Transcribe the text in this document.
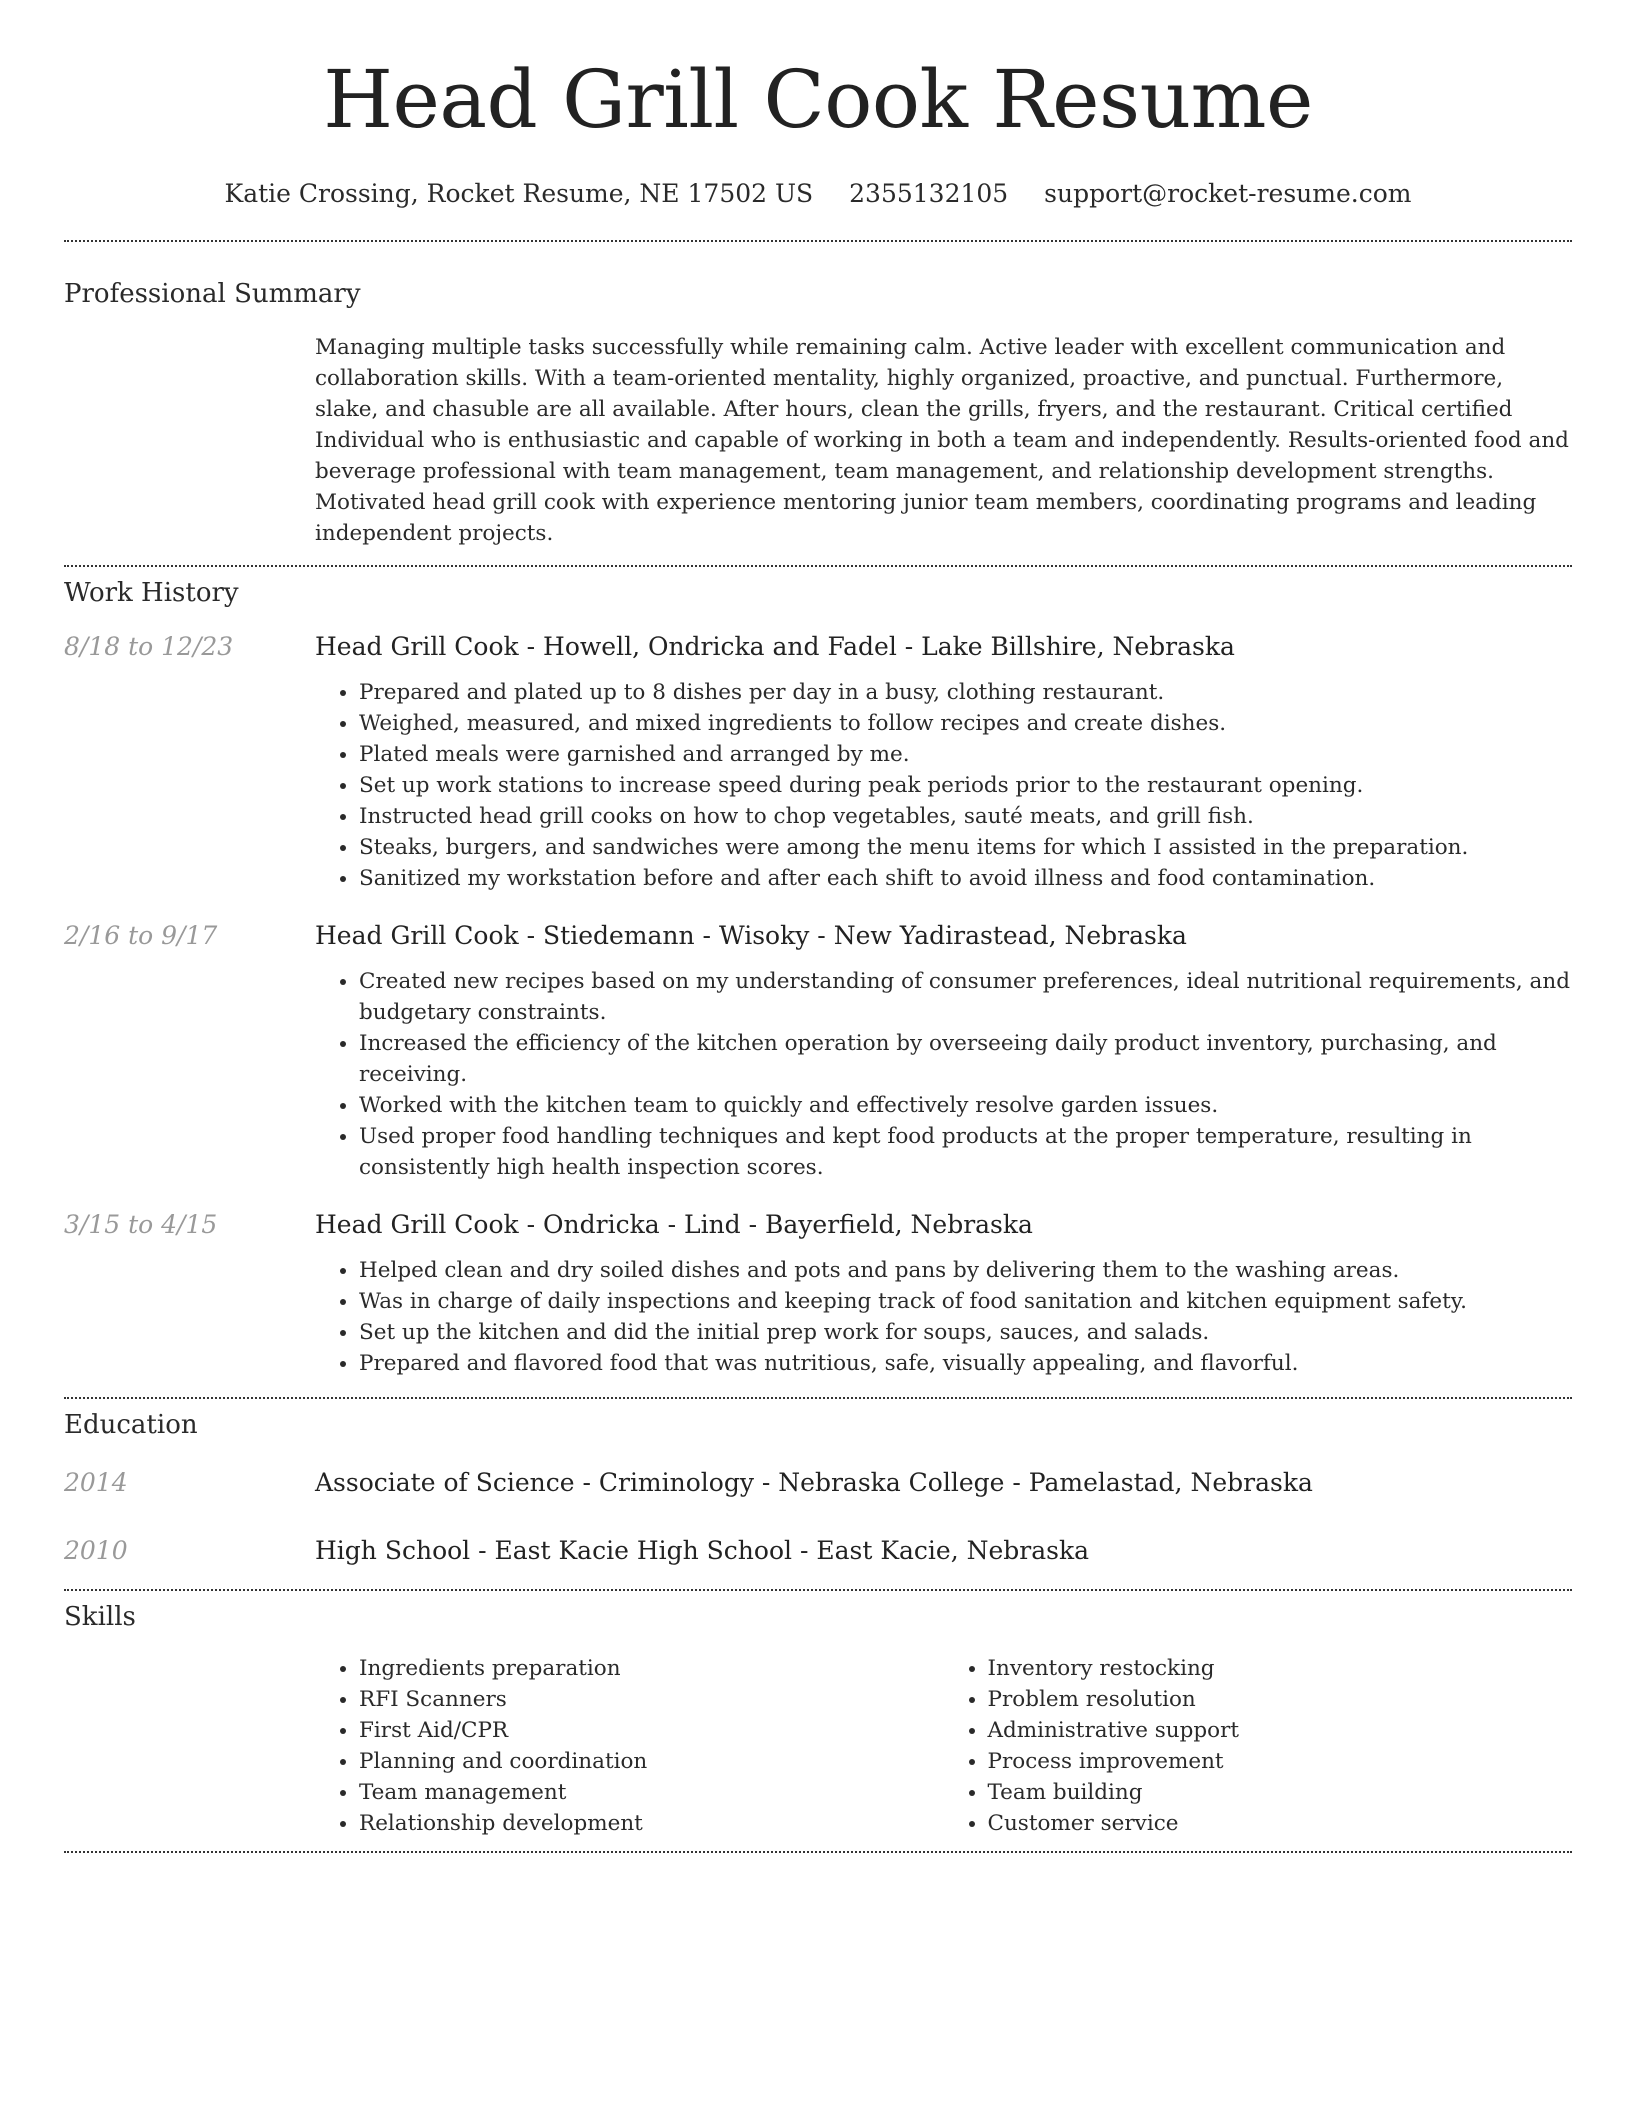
Head Grill Cook Resume
Katie Crossing, Rocket Resume, NE 17502 US 2355132105 support@rocket-resume.com
Professional Summary
Managing multiple tasks successfully while remaining calm. Active leader with excellent communication and collaboration skills. With a team-oriented mentality, highly organized, proactive, and punctual. Furthermore, slake, and chasuble are all available. After hours, clean the grills, fryers, and the restaurant. Critical certified Individual who is enthusiastic and capable of working in both a team and independently. Results-oriented food and beverage professional with team management, team management, and relationship development strengths. Motivated head grill cook with experience mentoring junior team members, coordinating programs and leading independent projects.
Work History
8/18 to 12/23	Head Grill Cook - Howell, Ondricka and Fadel - Lake Billshire, Nebraska
• Prepared and plated up to 8 dishes per day in a busy, clothing restaurant.
• Weighed, measured, and mixed ingredients to follow recipes and create dishes.
• Plated meals were garnished and arranged by me.
• Set up work stations to increase speed during peak periods prior to the restaurant opening.
• Instructed head grill cooks on how to chop vegetables, sauté meats, and grill fish.
• Steaks, burgers, and sandwiches were among the menu items for which I assisted in the preparation.
• Sanitized my workstation before and after each shift to avoid illness and food contamination.
2/16 to 9/17	Head Grill Cook - Stiedemann - Wisoky - New Yadirastead, Nebraska
• Created new recipes based on my understanding of consumer preferences, ideal nutritional requirements, and budgetary constraints.
• Increased the efficiency of the kitchen operation by overseeing daily product inventory, purchasing, and receiving.
• Worked with the kitchen team to quickly and effectively resolve garden issues.
• Used proper food handling techniques and kept food products at the proper temperature, resulting in consistently high health inspection scores.
3/15 to 4/15	Head Grill Cook - Ondricka - Lind - Bayerfield, Nebraska
• Helped clean and dry soiled dishes and pots and pans by delivering them to the washing areas.
• Was in charge of daily inspections and keeping track of food sanitation and kitchen equipment safety.
• Set up the kitchen and did the initial prep work for soups, sauces, and salads.
• Prepared and flavored food that was nutritious, safe, visually appealing, and flavorful.
Education
2014	Associate of Science - Criminology - Nebraska College - Pamelastad, Nebraska
2010	High School - East Kacie High School - East Kacie, Nebraska
Skills
• Ingredients preparation
• RFI Scanners
• First Aid/CPR
• Planning and coordination
• Team management
• Relationship development
• Inventory restocking
• Problem resolution
• Administrative support
• Process improvement
• Team building
• Customer service
